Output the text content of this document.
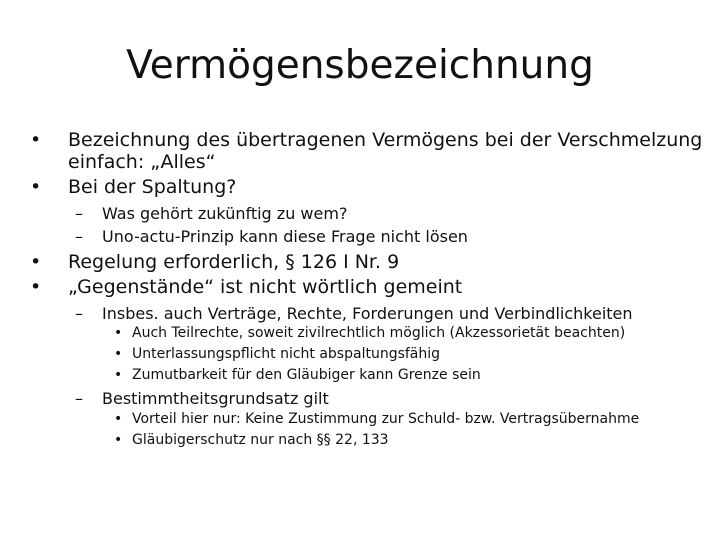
Vermögensbezeichnung
• Bezeichnung des übertragenen Vermögens bei der Verschmelzung
einfach: „Alles“
• Bei der Spaltung?
– Was gehört zukünftig zu wem?
– Uno-actu-Prinzip kann diese Frage nicht lösen
• Regelung erforderlich, § 126 I Nr. 9
• „Gegenstände“ ist nicht wörtlich gemeint
– Insbes. auch Verträge, Rechte, Forderungen und Verbindlichkeiten
• Auch Teilrechte, soweit zivilrechtlich möglich (Akzessorietät beachten)
• Unterlassungspflicht nicht abspaltungsfähig
• Zumutbarkeit für den Gläubiger kann Grenze sein
– Bestimmtheitsgrundsatz gilt
• Vorteil hier nur: Keine Zustimmung zur Schuld- bzw. Vertragsübernahme
• Gläubigerschutz nur nach §§ 22, 133
